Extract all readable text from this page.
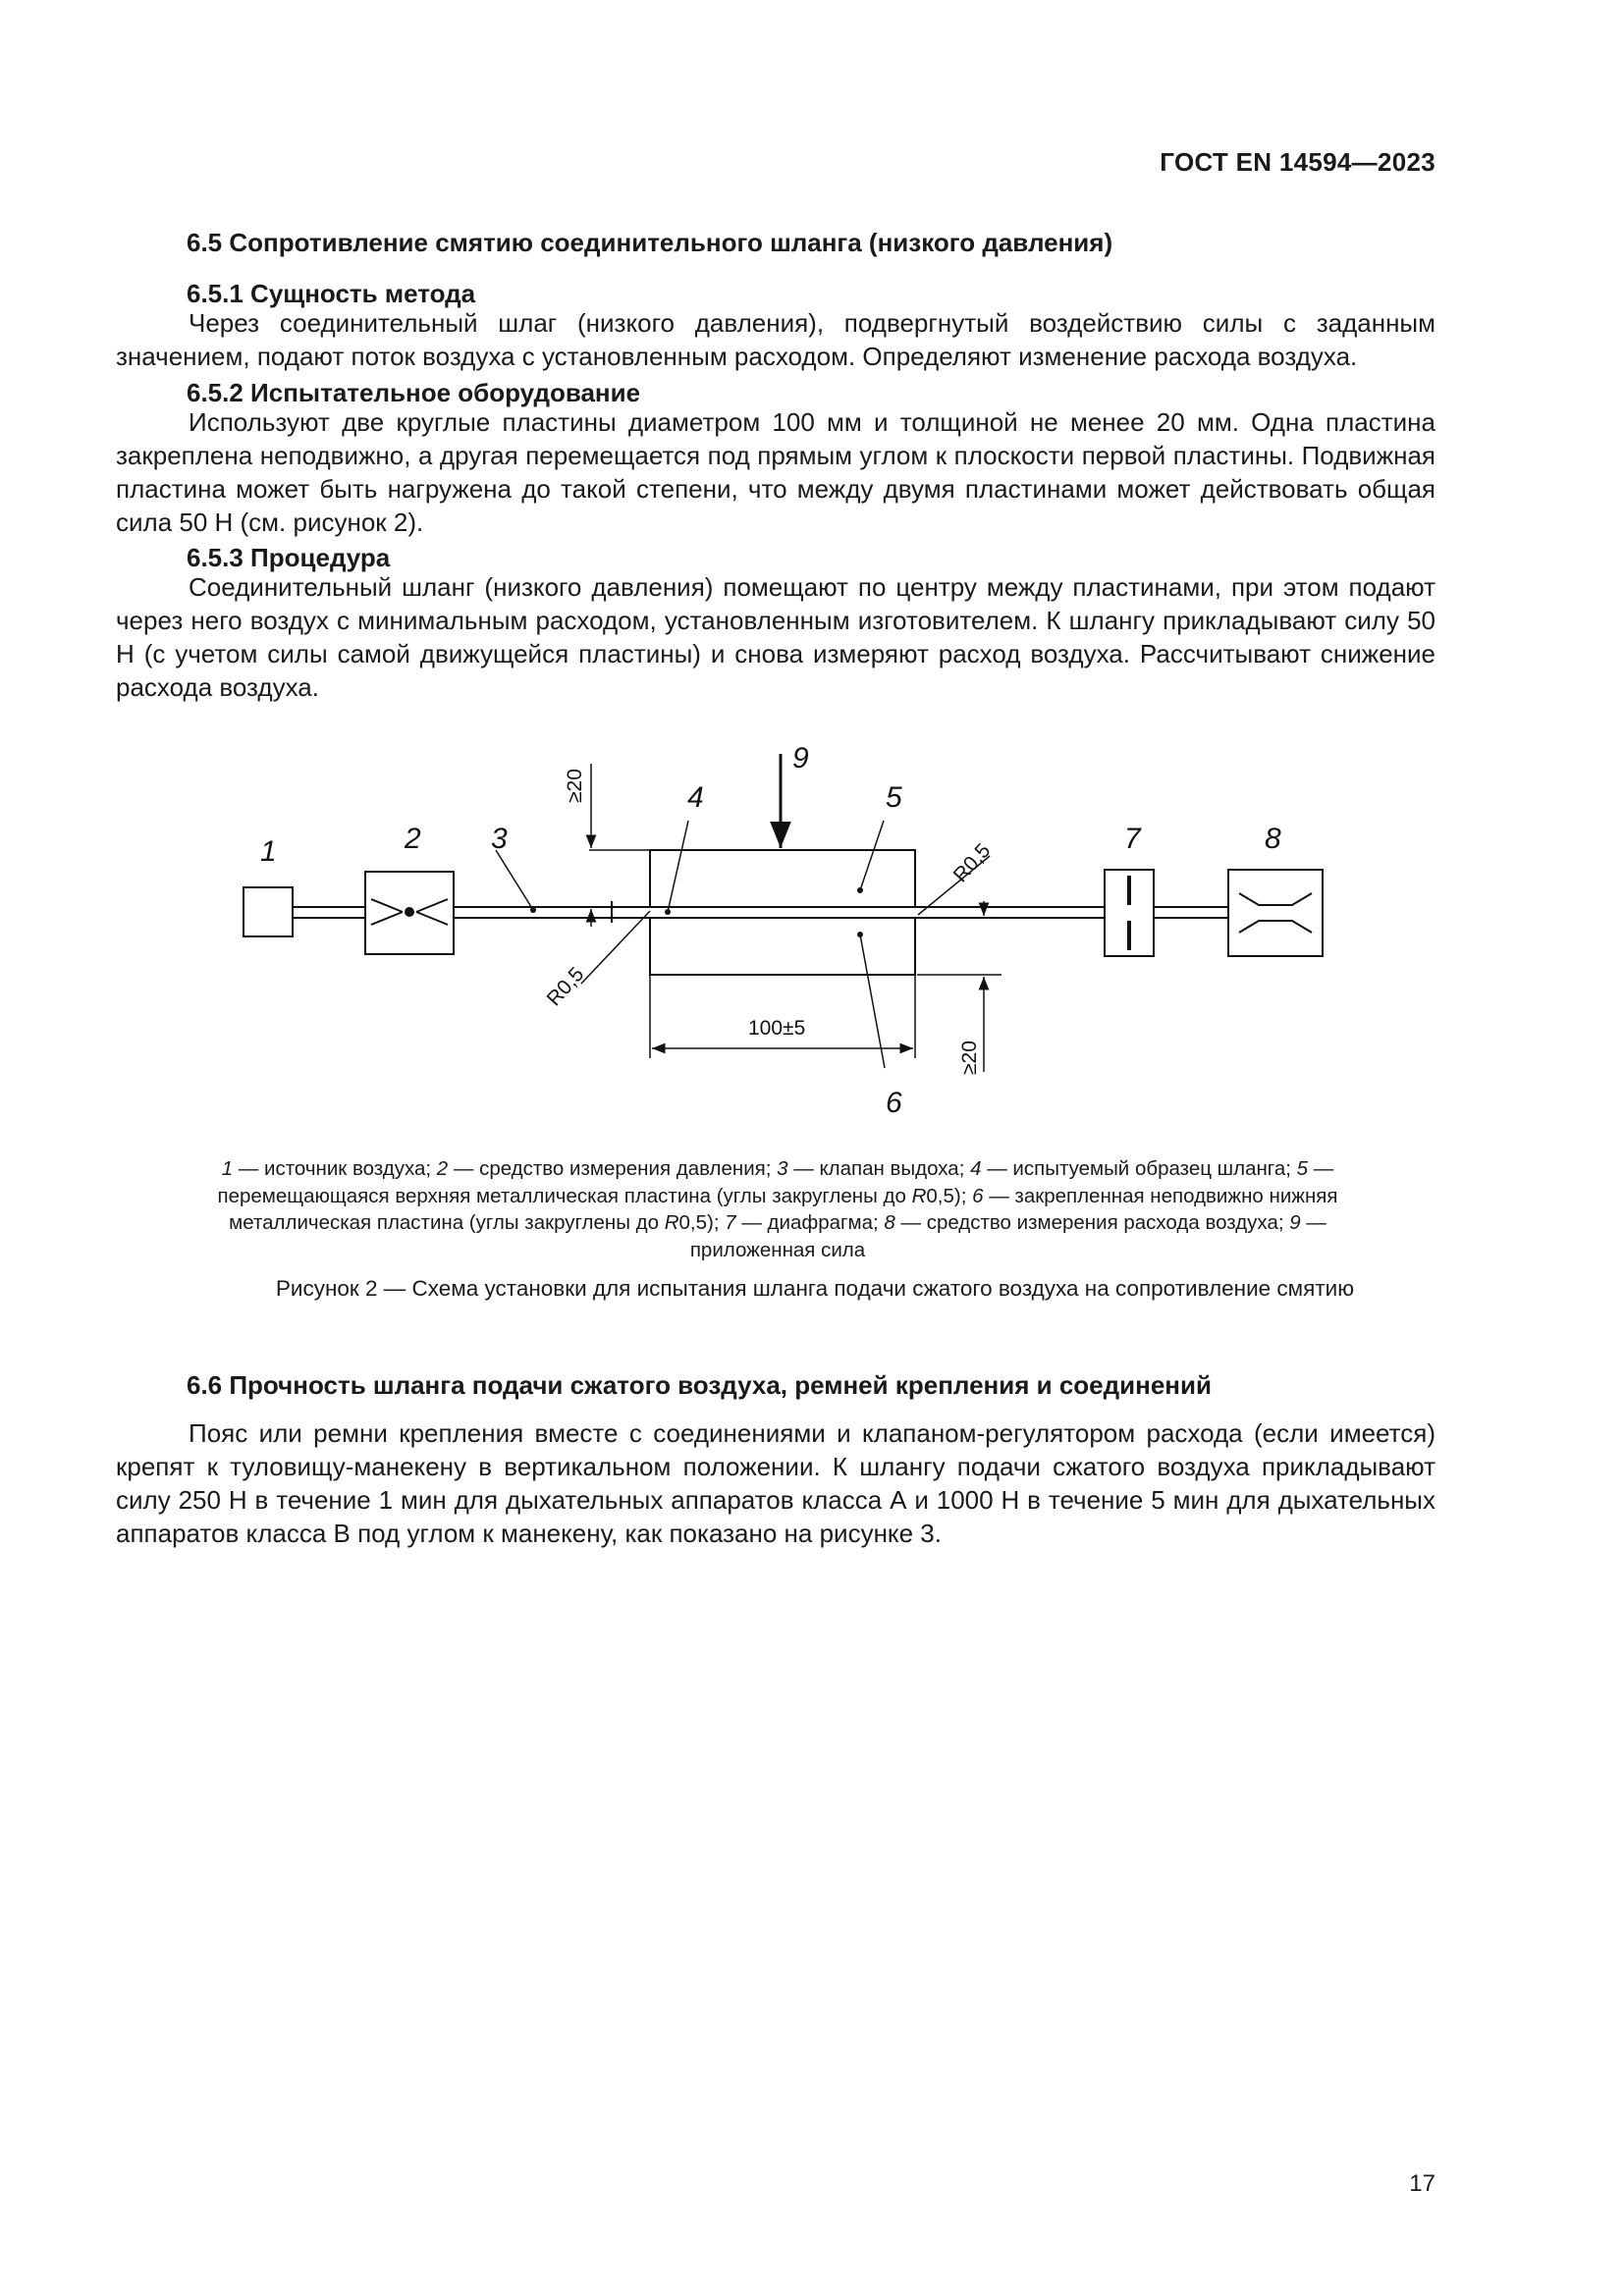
ГОСТ EN 14594—2023
6.5 Сопротивление смятию соединительного шланга (низкого давления)
6.5.1 Сущность метода
Через соединительный шлаг (низкого давления), подвергнутый воздействию силы с заданным значением, подают поток воздуха с установленным расходом. Определяют изменение расхода воздуха.
6.5.2 Испытательное оборудование
Используют две круглые пластины диаметром 100 мм и толщиной не менее 20 мм. Одна пластина закреплена неподвижно, а другая перемещается под прямым углом к плоскости первой пластины. Подвижная пластина может быть нагружена до такой степени, что между двумя пластинами может действовать общая сила 50 Н (см. рисунок 2).
6.5.3 Процедура
Соединительный шланг (низкого давления) помещают по центру между пластинами, при этом подают через него воздух с минимальным расходом, установленным изготовителем. К шлангу прикладывают силу 50 Н (с учетом силы самой движущейся пластины) и снова измеряют расход воздуха. Рассчитывают снижение расхода воздуха.
1	2 3
4	5
6
7	8
9
≥20
≥20
100±5
R0,5
R0,5
1 — источник воздуха; 2 — средство измерения давления; 3 — клапан выдоха; 4 — испытуемый образец шланга; 5 — перемещающаяся верхняя металлическая пластина (углы закруглены до R0,5); 6 — закрепленная неподвижно нижняя металлическая пластина (углы закруглены до R0,5); 7 — диафрагма; 8 — средство измерения расхода воздуха; 9 — приложенная сила
Рисунок 2 — Схема установки для испытания шланга подачи сжатого воздуха на сопротивление смятию
6.6 Прочность шланга подачи сжатого воздуха, ремней крепления и соединений
Пояс или ремни крепления вместе с соединениями и клапаном-регулятором расхода (если имеется) крепят к туловищу-манекену в вертикальном положении. К шлангу подачи сжатого воздуха прикладывают силу 250 Н в течение 1 мин для дыхательных аппаратов класса А и 1000 Н в течение 5 мин для дыхательных аппаратов класса В под углом к манекену, как показано на рисунке 3.
17
